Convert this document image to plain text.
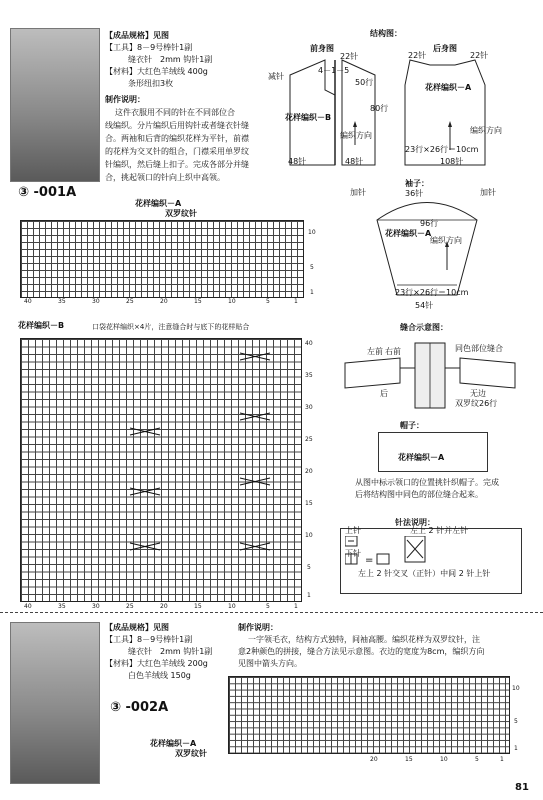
【成品规格】见图
【工具】8－9号棒针1副
缝衣针　2mm 钩针1副
【材料】大红色羊绒线 400g
条形纽扣3枚
制作说明：
这件衣服用不同的针在不同部位合
线编织。分片编织后用钩针或者缝衣针缝
合。两袖和后背的编织花样为平针，前襟
的花样为交叉针的组合，门襟采用单罗纹
针编织，然后缝上扣子。完成各部分并缝
合，挑起领口的针向上织中高领。
③ -001A
结构图：
前身图	后身图
22针	22针	22针
减针
4－1－5
50行
花样编织－B
花样编织－A
编织方向
编织方向
80行
48针	48针
23行×26行＝10cm
108针
袖子：
36针
加针	加针
96行
花样编织－A
编织方向
23行×26行＝10cm
54针
花样编织－A
双罗纹针
10
5
1
40	35	30	25	20	15	10	5	1
花样编织－B	口袋花样编织×4片，注意缝合时与底下的花样贴合
40
35
30
25
20
15
10
5
1
40	35	30	25	20	15	10	5	1
缝合示意图：
左前 右前
后
同色部位缝合
无边
双罗纹26行
帽子：
花样编织－A
从图中标示领口的位置挑针织帽子。完成
后将结构图中同色的部位缝合起来。
针法说明：
上针	左上 2 针并左针
下针
左上 2 针交叉（正针）中间 2 针上针
=
【成品规格】见图
【工具】8－9号棒针1副
缝衣针　2mm 钩针1副
【材料】大红色羊绒线 200g
白色羊绒线 150g
制作说明：
一字领毛衣，结构方式独特，间袖高腰。编织花样为双罗纹针，注
意2种颜色的拼接，缝合方法见示意图。衣边的宽度为8cm，编织方向
见图中箭头方向。
③ -002A
花样编织－A
双罗纹针
10
5
1
20	15	10	5	1
81
